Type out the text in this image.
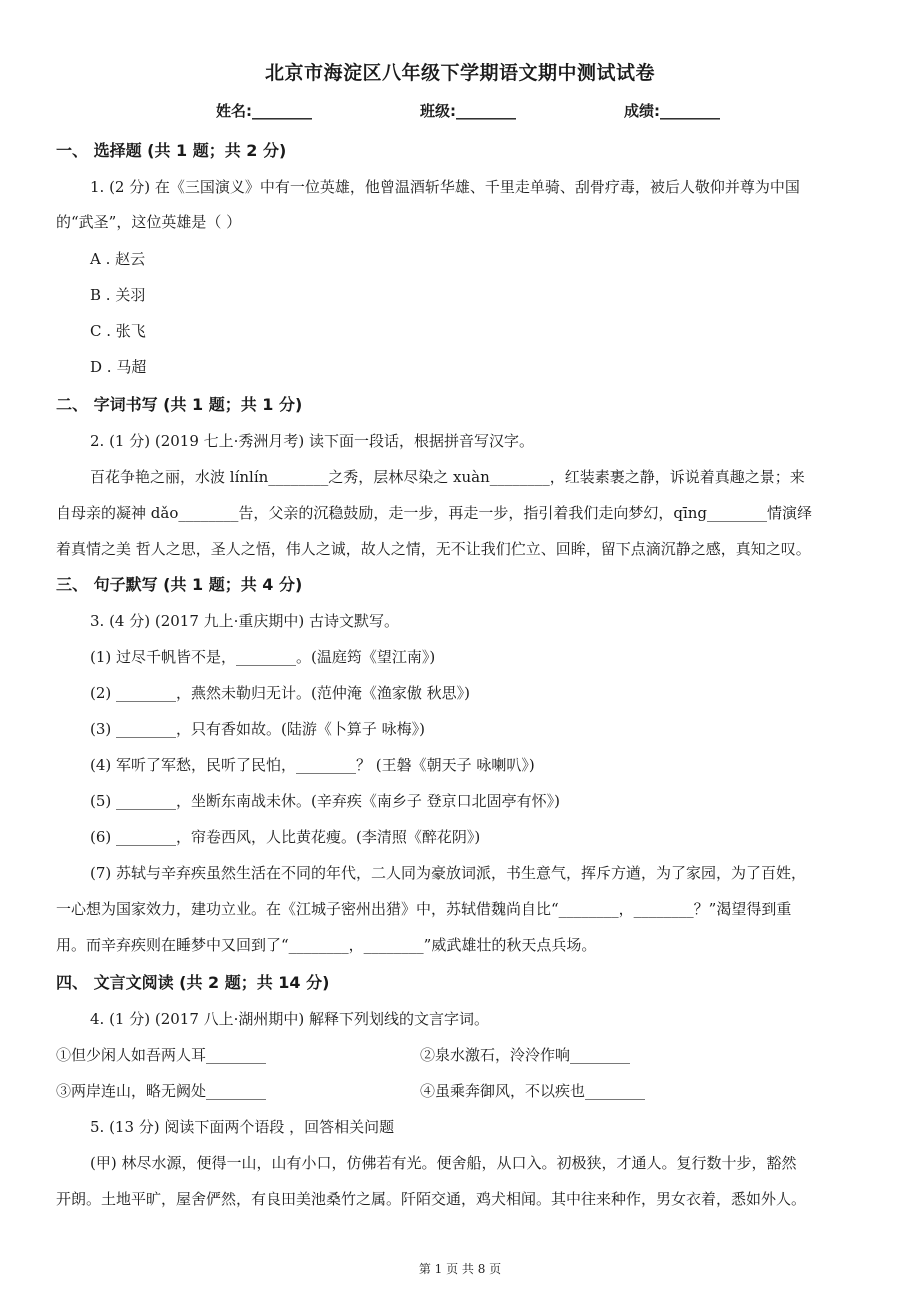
北京市海淀区八年级下学期语文期中测试试卷
姓名:________	班级:________	成绩:________
一、 选择题 (共 1 题；共 2 分)
1. (2 分) 在《三国演义》中有一位英雄，他曾温酒斩华雄、千里走单骑、刮骨疗毒，被后人敬仰并尊为中国
的“武圣”，这位英雄是（ ）
A . 赵云
B . 关羽
C . 张飞
D . 马超
二、 字词书写 (共 1 题；共 1 分)
2. (1 分) (2019 七上·秀洲月考) 读下面一段话，根据拼音写汉字。
百花争艳之丽，水波 línlín________之秀，层林尽染之 xuàn________，红装素裹之静，诉说着真趣之景；来
自母亲的凝神 dǎo________告，父亲的沉稳鼓励，走一步，再走一步，指引着我们走向梦幻，qīng________情演绎
着真情之美 哲人之思，圣人之悟，伟人之诚，故人之情，无不让我们伫立、回眸，留下点滴沉静之感，真知之叹。
三、 句子默写 (共 1 题；共 4 分)
3. (4 分) (2017 九上·重庆期中) 古诗文默写。
(1) 过尽千帆皆不是，________。(温庭筠《望江南》)
(2) ________，燕然未勒归无计。(范仲淹《渔家傲 秋思》)
(3) ________，只有香如故。(陆游《卜算子 咏梅》)
(4) 军听了军愁，民听了民怕，________？ (王磐《朝天子 咏喇叭》)
(5) ________，坐断东南战未休。(辛弃疾《南乡子 登京口北固亭有怀》)
(6) ________，帘卷西风，人比黄花瘦。(李清照《醉花阴》)
(7) 苏轼与辛弃疾虽然生活在不同的年代，二人同为豪放词派，书生意气，挥斥方遒，为了家园，为了百姓，
一心想为国家效力，建功立业。在《江城子密州出猎》中，苏轼借魏尚自比“________，________？”渴望得到重
用。而辛弃疾则在睡梦中又回到了“________，________”威武雄壮的秋天点兵场。
四、 文言文阅读 (共 2 题；共 14 分)
4. (1 分) (2017 八上·湖州期中) 解释下列划线的文言字词。
①但少闲人如吾两人耳________	②泉水激石，泠泠作响________
③两岸连山，略无阙处________	④虽乘奔御风，不以疾也________
5. (13 分) 阅读下面两个语段 ，回答相关问题
(甲) 林尽水源，便得一山，山有小口，仿佛若有光。便舍船，从口入。初极狭，才通人。复行数十步，豁然
开朗。土地平旷，屋舍俨然，有良田美池桑竹之属。阡陌交通，鸡犬相闻。其中往来种作，男女衣着，悉如外人。
第 1 页 共 8 页
